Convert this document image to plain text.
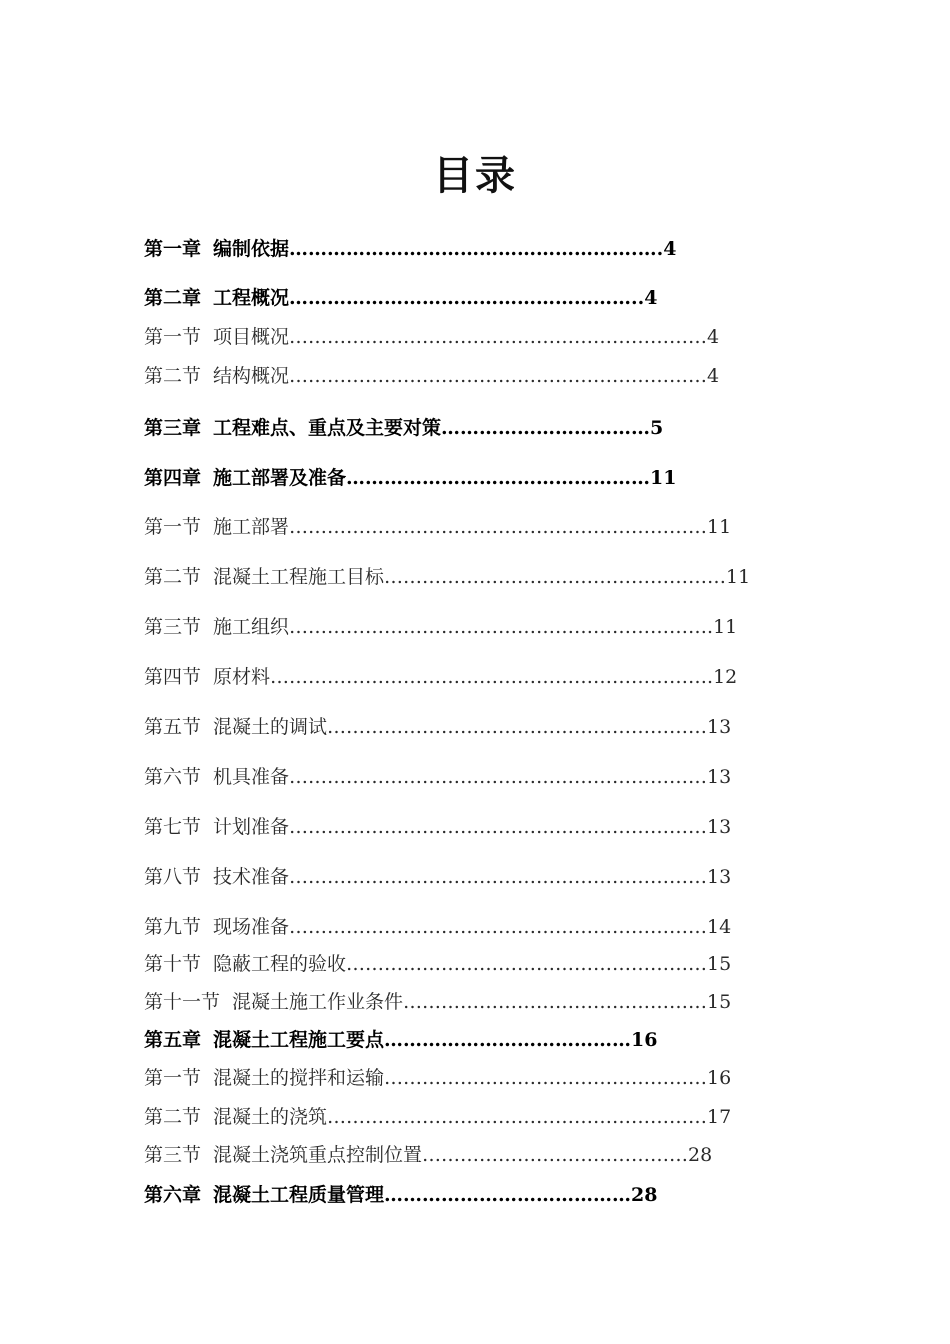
目录
第一章 编制依据……………………………………………….….4
第二章 工程概况………………………………………………..4
第一节 项目概况…………………………………………………………4
第二节 结构概况…………………………………………………………4
第三章 工程难点、重点及主要对策……………………………5
第四章 施工部署及准备…………………………………………11
第一节 施工部署…………………………………………………………11
第二节 混凝土工程施工目标………………………………………………11
第三节 施工组织………………………………………………………….11
第四节 原材料…………………………………………………………….12
第五节 混凝土的调试……………………………………………………13
第六节 机具准备…………………………………………………………13
第七节 计划准备…………………………………………………………13
第八节 技术准备…………………………………………………………13
第九节 现场准备…………………………………………………………14
第十节 隐蔽工程的验收…………………………………………………15
第十一节 混凝土施工作业条件…………………………………………15
第五章 混凝土工程施工要点…………………………………16
第一节 混凝土的搅拌和运输……………………………………………16
第二节 混凝土的浇筑……………………………………………………17
第三节 混凝土浇筑重点控制位置……………………………………28
第六章 混凝土工程质量管理…………………………………28
